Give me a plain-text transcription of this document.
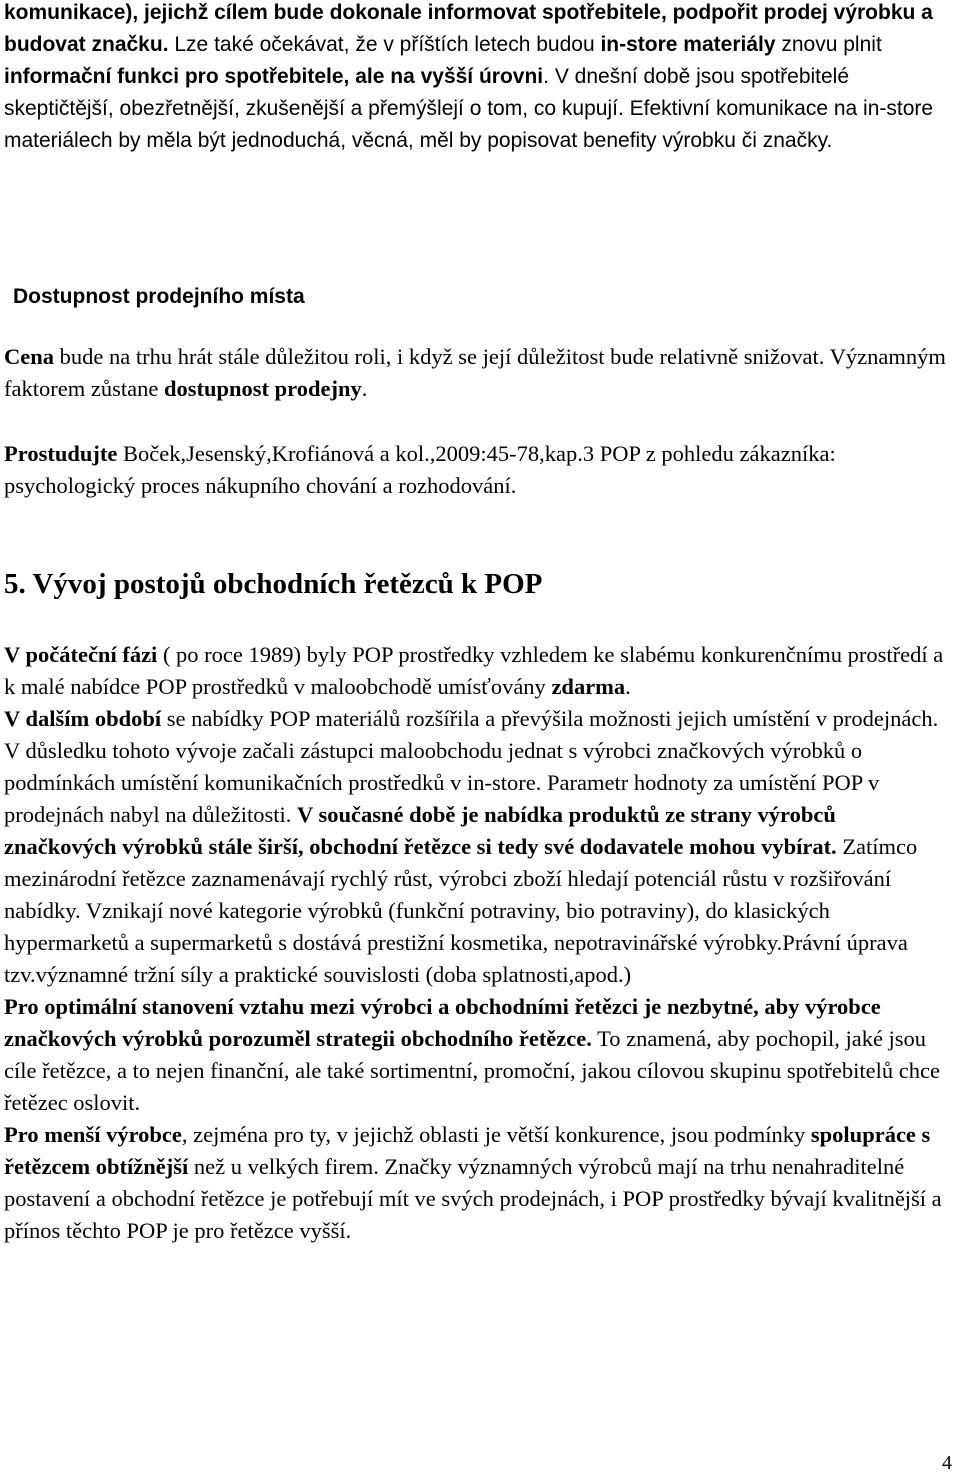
komunikace), jejichž cílem bude dokonale informovat spotřebitele, podpořit prodej výrobku a budovat značku. Lze také očekávat, že v příštích letech budou in-store materiály znovu plnit informační funkci pro spotřebitele, ale na vyšší úrovni. V dnešní době jsou spotřebitelé skeptičtější, obezřetnější, zkušenější a přemýšlejí o tom, co kupují. Efektivní komunikace na in-store materiálech by měla být jednoduchá, věcná, měl by popisovat benefity výrobku či značky.

Dostupnost prodejního místa

Cena bude na trhu hrát stále důležitou roli, i když se její důležitost bude relativně snižovat. Významným faktorem zůstane dostupnost prodejny.

Prostudujte Boček,Jesenský,Krofiánová a kol.,2009:45-78,kap.3 POP z pohledu zákazníka: psychologický proces nákupního chování a rozhodování.

5. Vývoj postojů obchodních řetězců k POP

V počáteční fázi ( po roce 1989) byly POP prostředky vzhledem ke slabému konkurenčnímu prostředí a k malé nabídce POP prostředků v maloobchodě umísťovány zdarma.
V dalším období se nabídky POP materiálů rozšířila a převýšila možnosti jejich umístění v prodejnách. V důsledku tohoto vývoje začali zástupci maloobchodu jednat s výrobci značkových výrobků o podmínkách umístění komunikačních prostředků v in-store. Parametr hodnoty za umístění POP v prodejnách nabyl na důležitosti. V současné době je nabídka produktů ze strany výrobců značkových výrobků stále širší, obchodní řetězce si tedy své dodavatele mohou vybírat. Zatímco mezinárodní řetězce zaznamenávají rychlý růst, výrobci zboží hledají potenciál růstu v rozšiřování nabídky. Vznikají nové kategorie výrobků (funkční potraviny, bio potraviny), do klasických hypermarketů a supermarketů s dostává prestižní kosmetika, nepotravinářské výrobky.Právní úprava tzv.významné tržní síly a praktické souvislosti (doba splatnosti,apod.)
Pro optimální stanovení vztahu mezi výrobci a obchodními řetězci je nezbytné, aby výrobce značkových výrobků porozuměl strategii obchodního řetězce. To znamená, aby pochopil, jaké jsou cíle řetězce, a to nejen finanční, ale také sortimentní, promoční, jakou cílovou skupinu spotřebitelů chce řetězec oslovit.
Pro menší výrobce, zejména pro ty, v jejichž oblasti je větší konkurence, jsou podmínky spolupráce s řetězcem obtížnější než u velkých firem. Značky významných výrobců mají na trhu nenahraditelné postavení a obchodní řetězce je potřebují mít ve svých prodejnách, i POP prostředky bývají kvalitnější a přínos těchto POP je pro řetězce vyšší.

4
